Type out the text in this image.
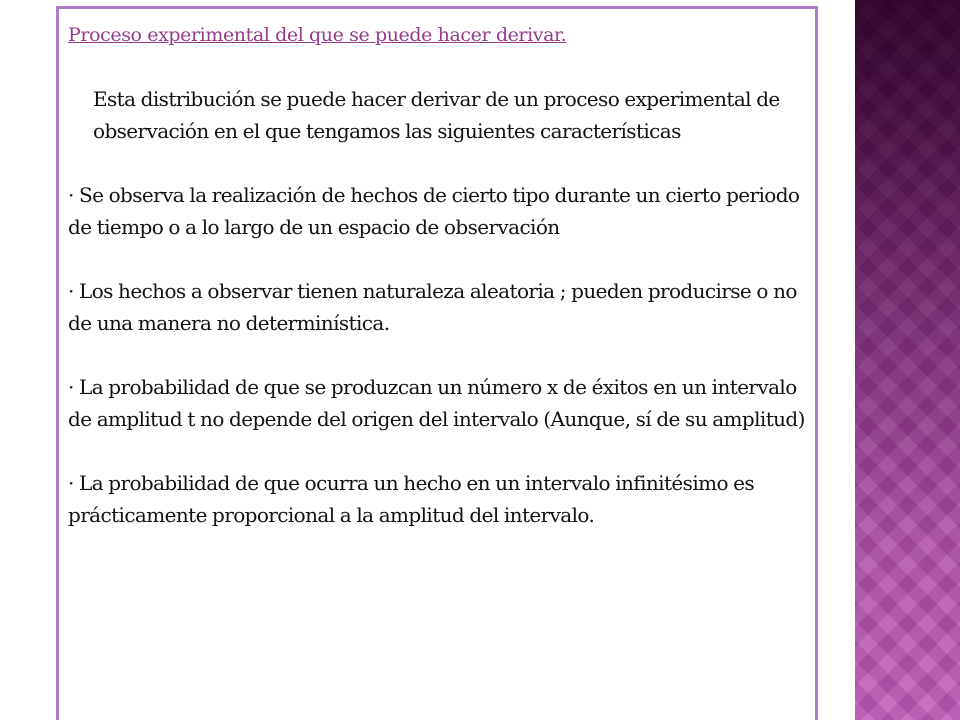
Proceso experimental del que se puede hacer derivar.

Esta distribución se puede hacer derivar de un proceso experimental de observación en el que tengamos las siguientes características

· Se observa la realización de hechos de cierto tipo durante un cierto periodo de tiempo o a lo largo de un espacio de observación

· Los hechos a observar tienen naturaleza aleatoria ; pueden producirse o no de una manera no determinística.

· La probabilidad de que se produzcan un número x de éxitos en un intervalo de amplitud t no depende del origen del intervalo (Aunque, sí de su amplitud)

· La probabilidad de que ocurra un hecho en un intervalo infinitésimo es prácticamente proporcional a la amplitud del intervalo.
